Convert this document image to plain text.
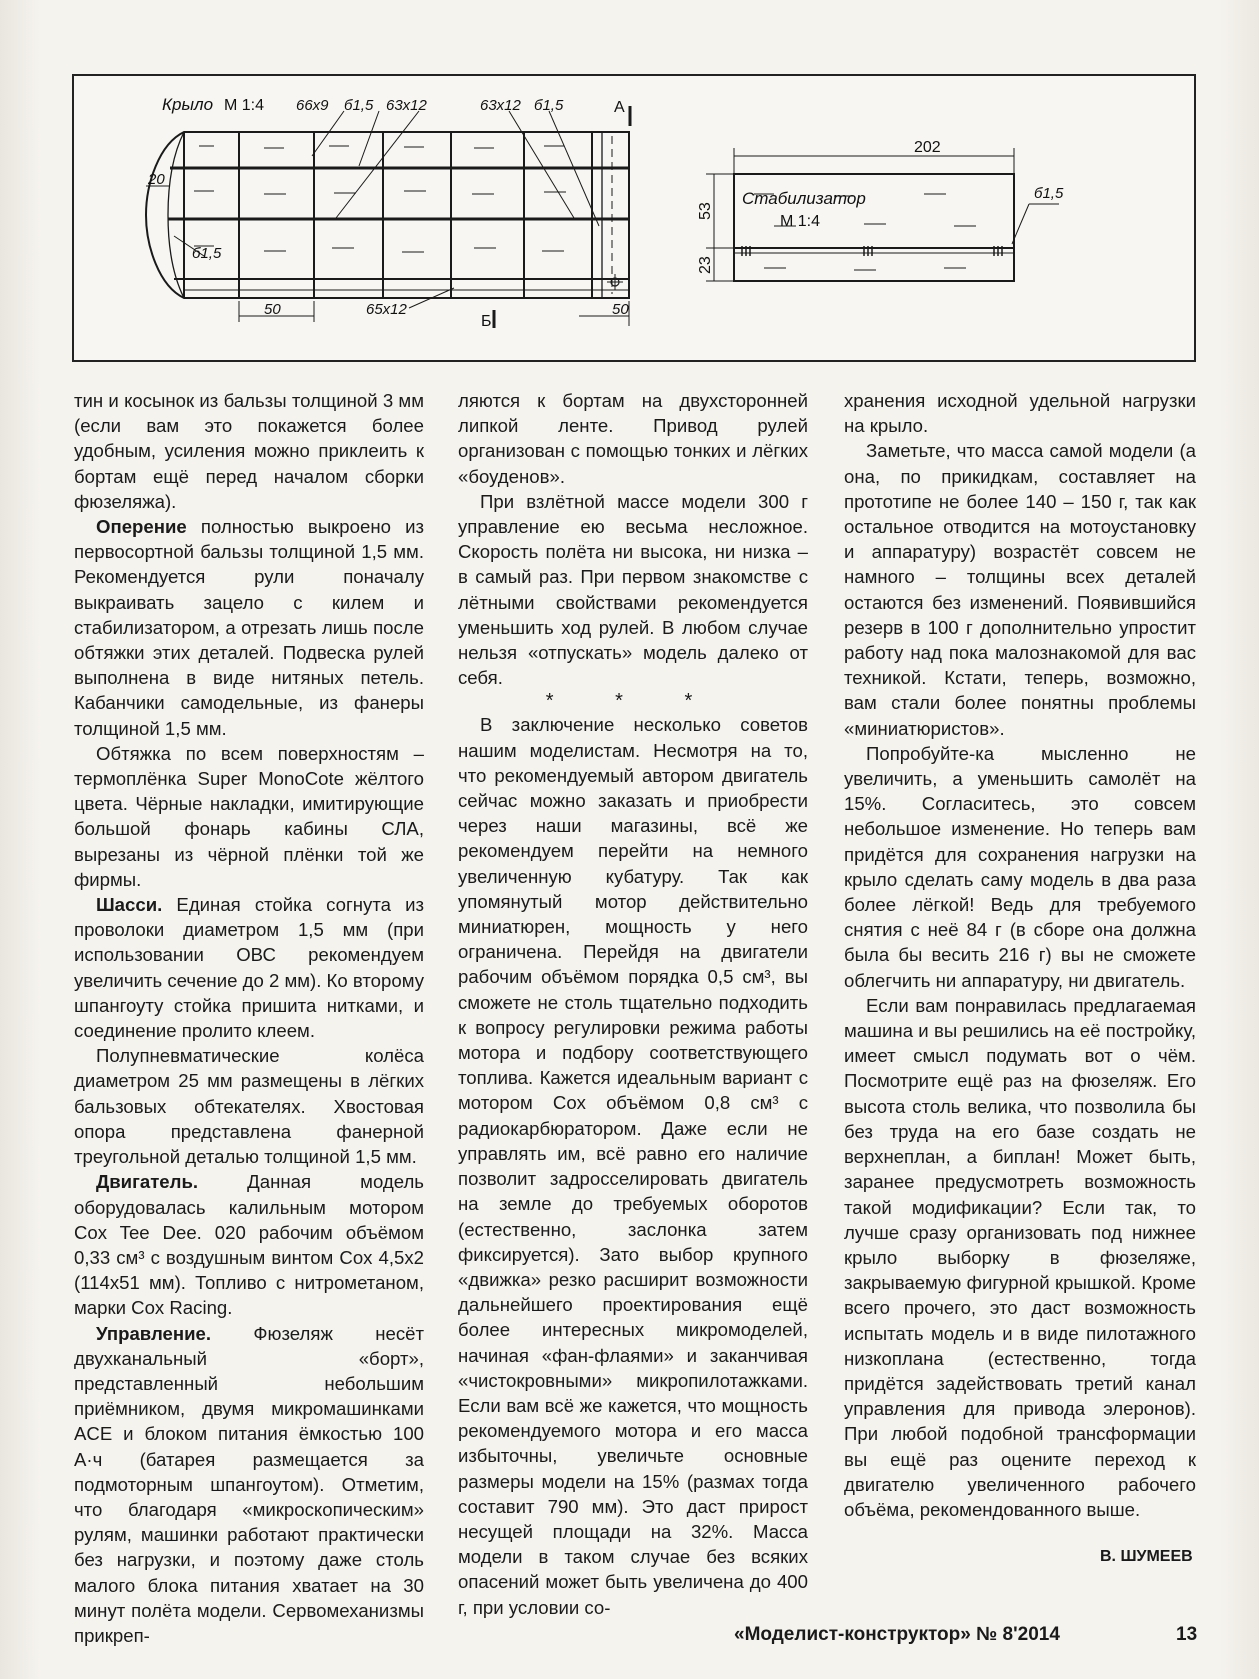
Крыло М 1:4 66х9 б1,5 63х12	63х12 б1,5
20
б1,5
50	65х12	50
А
Б
202
Стабилизатор
М 1:4
б1,5
53
23

тин и косынок из бальзы толщиной 3 мм (если вам это покажется более удобным, усиления можно приклеить к бортам ещё перед началом сборки фюзеляжа).

Оперение полностью выкроено из первосортной бальзы толщиной 1,5 мм. Рекомендуется рули поначалу выкраивать зацело с килем и стабилизатором, а отрезать лишь после обтяжки этих деталей. Подвеска рулей выполнена в виде нитяных петель. Кабанчики самодельные, из фанеры толщиной 1,5 мм.

Обтяжка по всем поверхностям – термоплёнка Super MonoCote жёлтого цвета. Чёрные накладки, имитирующие большой фонарь кабины СЛА, вырезаны из чёрной плёнки той же фирмы.

Шасси. Единая стойка согнута из проволоки диаметром 1,5 мм (при использовании ОВС рекомендуем увеличить сечение до 2 мм). Ко второму шпангоуту стойка пришита нитками, и соединение пролито клеем.

Полупневматические колёса диаметром 25 мм размещены в лёгких бальзовых обтекателях. Хвостовая опора представлена фанерной треугольной деталью толщиной 1,5 мм.

Двигатель. Данная модель оборудовалась калильным мотором Cox Tee Dee. 020 рабочим объёмом 0,33 см³ с воздушным винтом Cox 4,5х2 (114х51 мм). Топливо с нитрометаном, марки Cox Racing.

Управление. Фюзеляж несёт двухканальный «борт», представленный небольшим приёмником, двумя микромашинками ACE и блоком питания ёмкостью 100 А·ч (батарея размещается за подмоторным шпангоутом). Отметим, что благодаря «микроскопическим» рулям, машинки работают практически без нагрузки, и поэтому даже столь малого блока питания хватает на 30 минут полёта модели. Сервомеханизмы прикреп-

ляются к бортам на двухсторонней липкой ленте. Привод рулей организован с помощью тонких и лёгких «боуденов».

При взлётной массе модели 300 г управление ею весьма несложное. Скорость полёта ни высока, ни низка – в самый раз. При первом знакомстве с лётными свойствами рекомендуется уменьшить ход рулей. В любом случае нельзя «отпускать» модель далеко от себя.

* * *

В заключение несколько советов нашим моделистам. Несмотря на то, что рекомендуемый автором двигатель сейчас можно заказать и приобрести через наши магазины, всё же рекомендуем перейти на немного увеличенную кубатуру. Так как упомянутый мотор действительно миниатюрен, мощность у него ограничена. Перейдя на двигатели рабочим объёмом порядка 0,5 см³, вы сможете не столь тщательно подходить к вопросу регулировки режима работы мотора и подбору соответствующего топлива. Кажется идеальным вариант с мотором Cox объёмом 0,8 см³ с радиокарбюратором. Даже если не управлять им, всё равно его наличие позволит задросселировать двигатель на земле до требуемых оборотов (естественно, заслонка затем фиксируется). Зато выбор крупного «движка» резко расширит возможности дальнейшего проектирования ещё более интересных микромоделей, начиная «фан-флаями» и заканчивая «чистокровными» микропилотажками. Если вам всё же кажется, что мощность рекомендуемого мотора и его масса избыточны, увеличьте основные размеры модели на 15% (размах тогда составит 790 мм). Это даст прирост несущей площади на 32%. Масса модели в таком случае без всяких опасений может быть увеличена до 400 г, при условии со-

хранения исходной удельной нагрузки на крыло.

Заметьте, что масса самой модели (а она, по прикидкам, составляет на прототипе не более 140 – 150 г, так как остальное отводится на мотоустановку и аппаратуру) возрастёт совсем не намного – толщины всех деталей остаются без изменений. Появившийся резерв в 100 г дополнительно упростит работу над пока малознакомой для вас техникой. Кстати, теперь, возможно, вам стали более понятны проблемы «миниатюристов».

Попробуйте-ка мысленно не увеличить, а уменьшить самолёт на 15%. Согласитесь, это совсем небольшое изменение. Но теперь вам придётся для сохранения нагрузки на крыло сделать саму модель в два раза более лёгкой! Ведь для требуемого снятия с неё 84 г (в сборе она должна была бы весить 216 г) вы не сможете облегчить ни аппаратуру, ни двигатель.

Если вам понравилась предлагаемая машина и вы решились на её постройку, имеет смысл подумать вот о чём. Посмотрите ещё раз на фюзеляж. Его высота столь велика, что позволила бы без труда на его базе создать не верхнеплан, а биплан! Может быть, заранее предусмотреть возможность такой модификации? Если так, то лучше сразу организовать под нижнее крыло выборку в фюзеляже, закрываемую фигурной крышкой. Кроме всего прочего, это даст возможность испытать модель и в виде пилотажного низкоплана (естественно, тогда придётся задействовать третий канал управления для привода элеронов). При любой подобной трансформации вы ещё раз оцените переход к двигателю увеличенного рабочего объёма, рекомендованного выше.

В. ШУМЕЕВ
«Моделист-конструктор» № 8'2014	13
